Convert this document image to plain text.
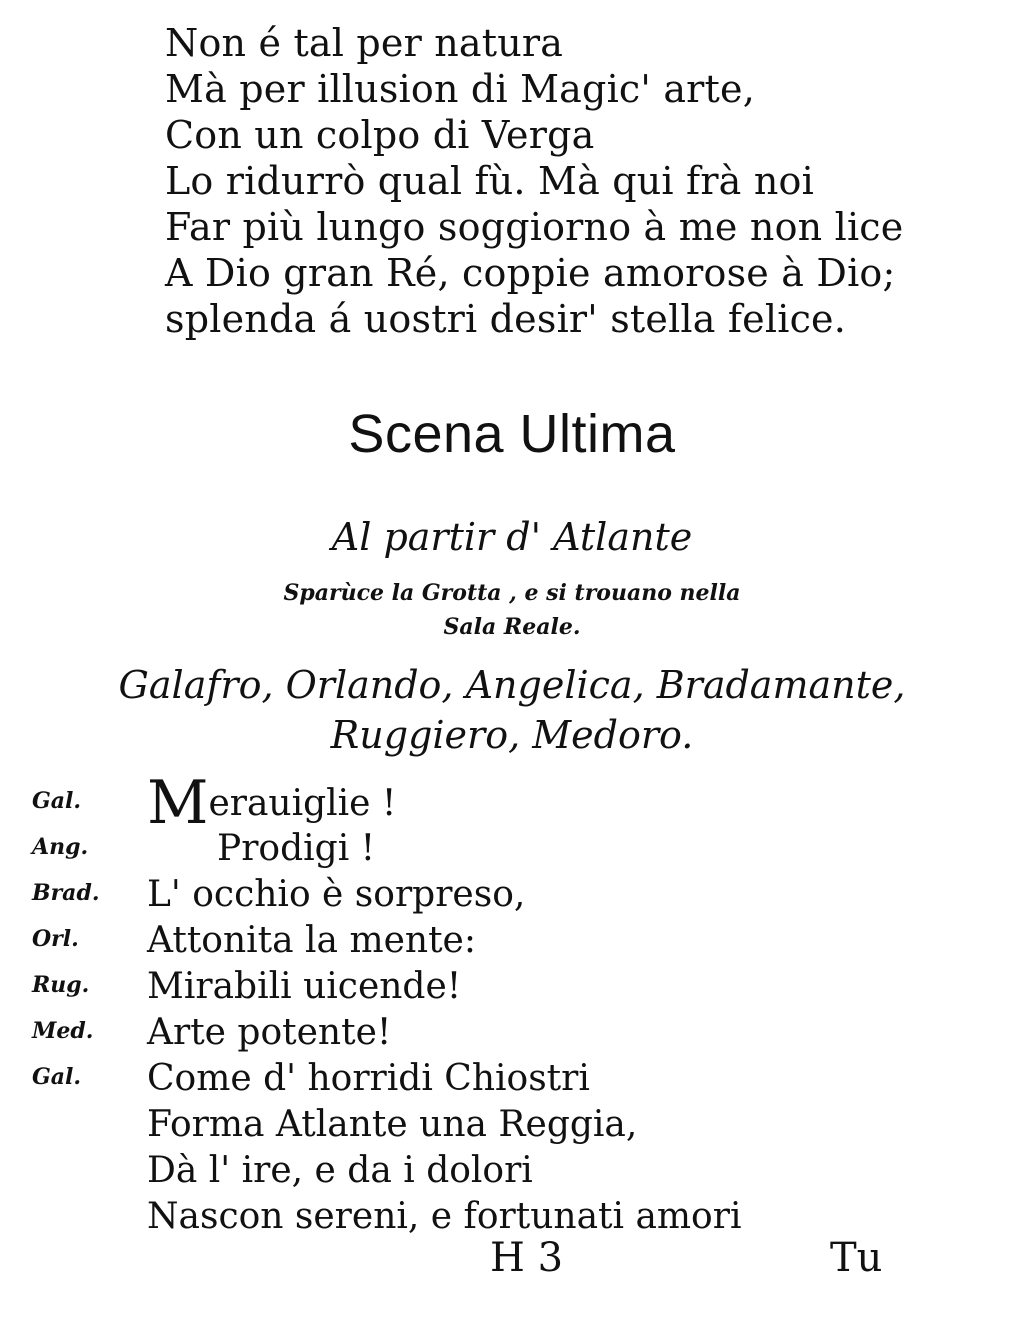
Non é tal per natura
Mà per illusion di Magic' arte,
Con un colpo di Verga
Lo ridurrò qual fù. Mà qui frà noi
Far più lungo soggiorno à me non lice
A Dio gran Ré, coppie amorose à Dio;
splenda á uostri desir' stella felice.
Scena Ultima
Al partir d' Atlante
Sparùce la Grotta , e si trouano nella
Sala Reale.
Galafro, Orlando, Angelica, Bradamante,
Ruggiero, Medoro.
Gal.	Merauiglie !
Ang.	Prodigi !
Brad.	L' occhio è sorpreso,
Orl.	Attonita la mente:
Rug.	Mirabili uicende!
Med.	Arte potente!
Gal.	Come d' horridi Chiostri
Forma Atlante una Reggia,
Dà l' ire, e da i dolori
Nascon sereni, e fortunati amori
H 3	Tu
